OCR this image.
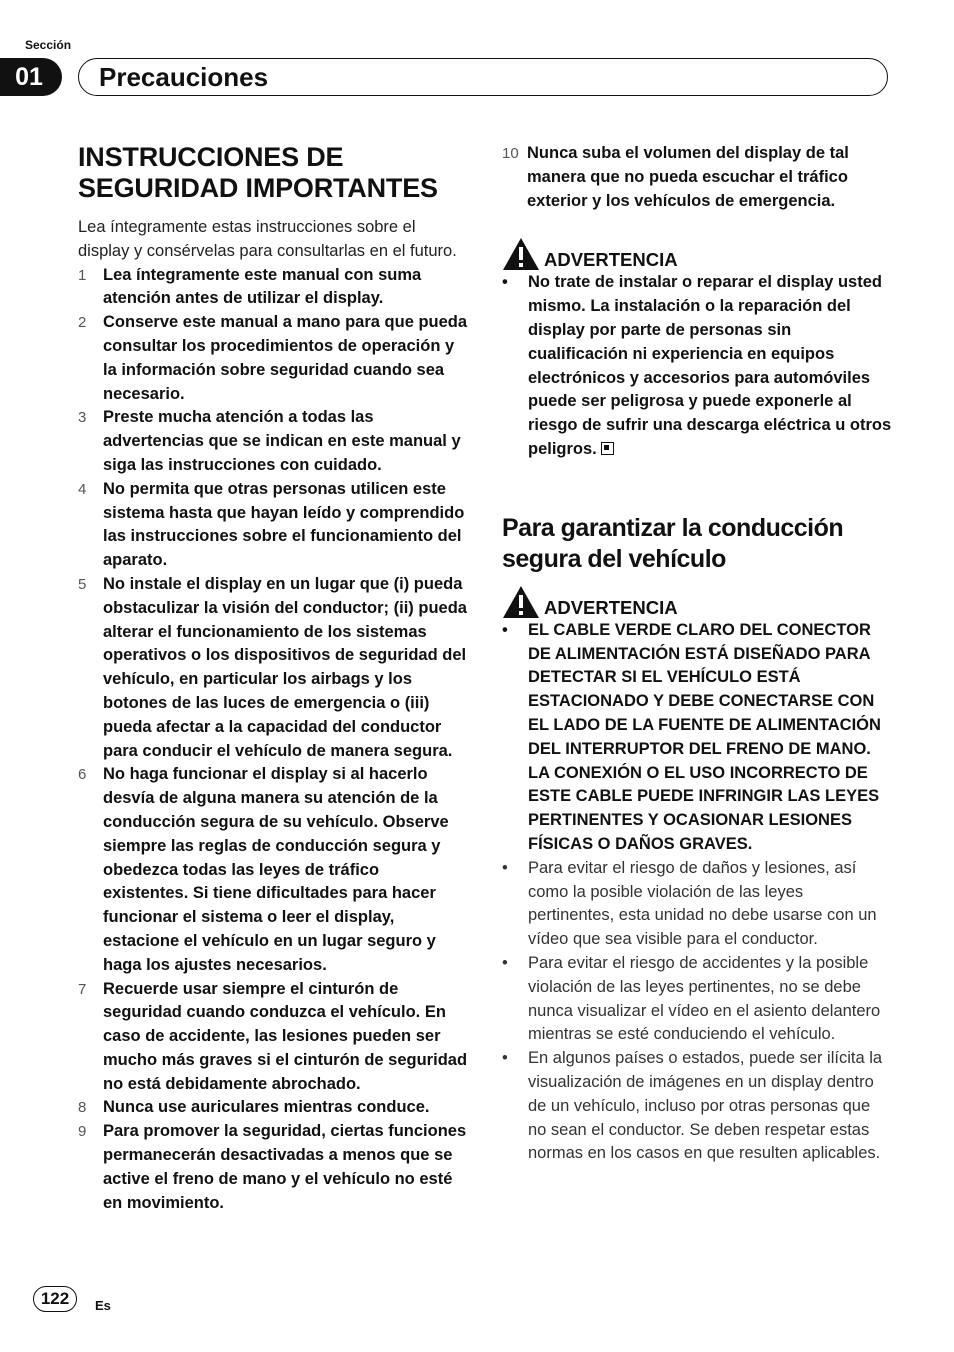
Sección
01	Precauciones
INSTRUCCIONES DE SEGURIDAD IMPORTANTES

Lea íntegramente estas instrucciones sobre el display y consérvelas para consultarlas en el futuro.

1 Lea íntegramente este manual con suma atención antes de utilizar el display.
2 Conserve este manual a mano para que pueda consultar los procedimientos de operación y la información sobre seguridad cuando sea necesario.
3 Preste mucha atención a todas las advertencias que se indican en este manual y siga las instrucciones con cuidado.
4 No permita que otras personas utilicen este sistema hasta que hayan leído y comprendido las instrucciones sobre el funcionamiento del aparato.
5 No instale el display en un lugar que (i) pueda obstaculizar la visión del conductor; (ii) pueda alterar el funcionamiento de los sistemas operativos o los dispositivos de seguridad del vehículo, en particular los airbags y los botones de las luces de emergencia o (iii) pueda afectar a la capacidad del conductor para conducir el vehículo de manera segura.
6 No haga funcionar el display si al hacerlo desvía de alguna manera su atención de la conducción segura de su vehículo. Observe siempre las reglas de conducción segura y obedezca todas las leyes de tráfico existentes. Si tiene dificultades para hacer funcionar el sistema o leer el display, estacione el vehículo en un lugar seguro y haga los ajustes necesarios.
7 Recuerde usar siempre el cinturón de seguridad cuando conduzca el vehículo. En caso de accidente, las lesiones pueden ser mucho más graves si el cinturón de seguridad no está debidamente abrochado.
8 Nunca use auriculares mientras conduce.
9 Para promover la seguridad, ciertas funciones permanecerán desactivadas a menos que se active el freno de mano y el vehículo no esté en movimiento.
10 Nunca suba el volumen del display de tal manera que no pueda escuchar el tráfico exterior y los vehículos de emergencia.
ADVERTENCIA
• No trate de instalar o reparar el display usted mismo. La instalación o la reparación del display por parte de personas sin cualificación ni experiencia en equipos electrónicos y accesorios para automóviles puede ser peligrosa y puede exponerle al riesgo de sufrir una descarga eléctrica u otros peligros.
Para garantizar la conducción segura del vehículo
ADVERTENCIA
• EL CABLE VERDE CLARO DEL CONECTOR DE ALIMENTACIÓN ESTÁ DISEÑADO PARA DETECTAR SI EL VEHÍCULO ESTÁ ESTACIONADO Y DEBE CONECTARSE CON EL LADO DE LA FUENTE DE ALIMENTACIÓN DEL INTERRUPTOR DEL FRENO DE MANO. LA CONEXIÓN O EL USO INCORRECTO DE ESTE CABLE PUEDE INFRINGIR LAS LEYES PERTINENTES Y OCASIONAR LESIONES FÍSICAS O DAÑOS GRAVES.
• Para evitar el riesgo de daños y lesiones, así como la posible violación de las leyes pertinentes, esta unidad no debe usarse con un vídeo que sea visible para el conductor.
• Para evitar el riesgo de accidentes y la posible violación de las leyes pertinentes, no se debe nunca visualizar el vídeo en el asiento delantero mientras se esté conduciendo el vehículo.
• En algunos países o estados, puede ser ilícita la visualización de imágenes en un display dentro de un vehículo, incluso por otras personas que no sean el conductor. Se deben respetar estas normas en los casos en que resulten aplicables.
122	Es
